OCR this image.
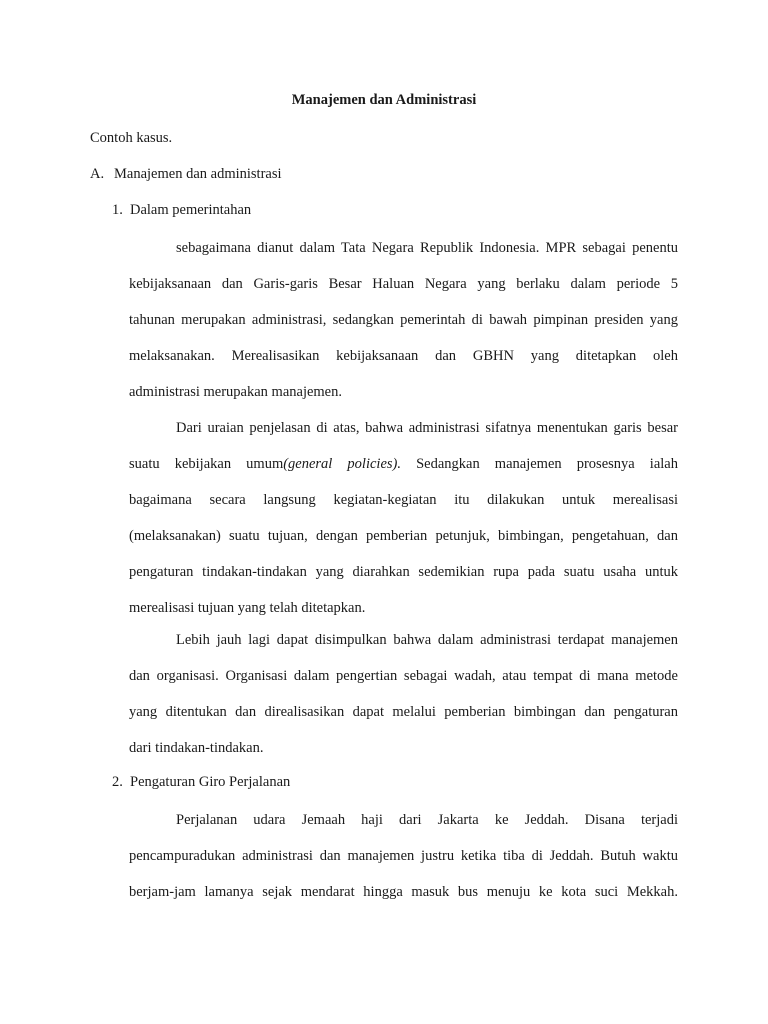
Manajemen dan Administrasi
Contoh kasus.
A. Manajemen dan administrasi
1. Dalam pemerintahan
sebagaimana dianut dalam Tata Negara Republik Indonesia. MPR sebagai penentu
kebijaksanaan dan Garis-garis Besar Haluan Negara yang berlaku dalam periode 5
tahunan merupakan administrasi, sedangkan pemerintah di bawah pimpinan presiden yang
melaksanakan. Merealisasikan kebijaksanaan dan GBHN yang ditetapkan oleh
administrasi merupakan manajemen.
Dari uraian penjelasan di atas, bahwa administrasi sifatnya menentukan garis besar
suatu kebijakan umum(general policies). Sedangkan manajemen prosesnya ialah
bagaimana secara langsung kegiatan-kegiatan itu dilakukan untuk merealisasi
(melaksanakan) suatu tujuan, dengan pemberian petunjuk, bimbingan, pengetahuan, dan
pengaturan tindakan-tindakan yang diarahkan sedemikian rupa pada suatu usaha untuk
merealisasi tujuan yang telah ditetapkan.
Lebih jauh lagi dapat disimpulkan bahwa dalam administrasi terdapat manajemen
dan organisasi. Organisasi dalam pengertian sebagai wadah, atau tempat di mana metode
yang ditentukan dan direalisasikan dapat melalui pemberian bimbingan dan pengaturan
dari tindakan-tindakan.
2. Pengaturan Giro Perjalanan
Perjalanan udara Jemaah haji dari Jakarta ke Jeddah. Disana terjadi
pencampuradukan administrasi dan manajemen justru ketika tiba di Jeddah. Butuh waktu
berjam-jam lamanya sejak mendarat hingga masuk bus menuju ke kota suci Mekkah.
